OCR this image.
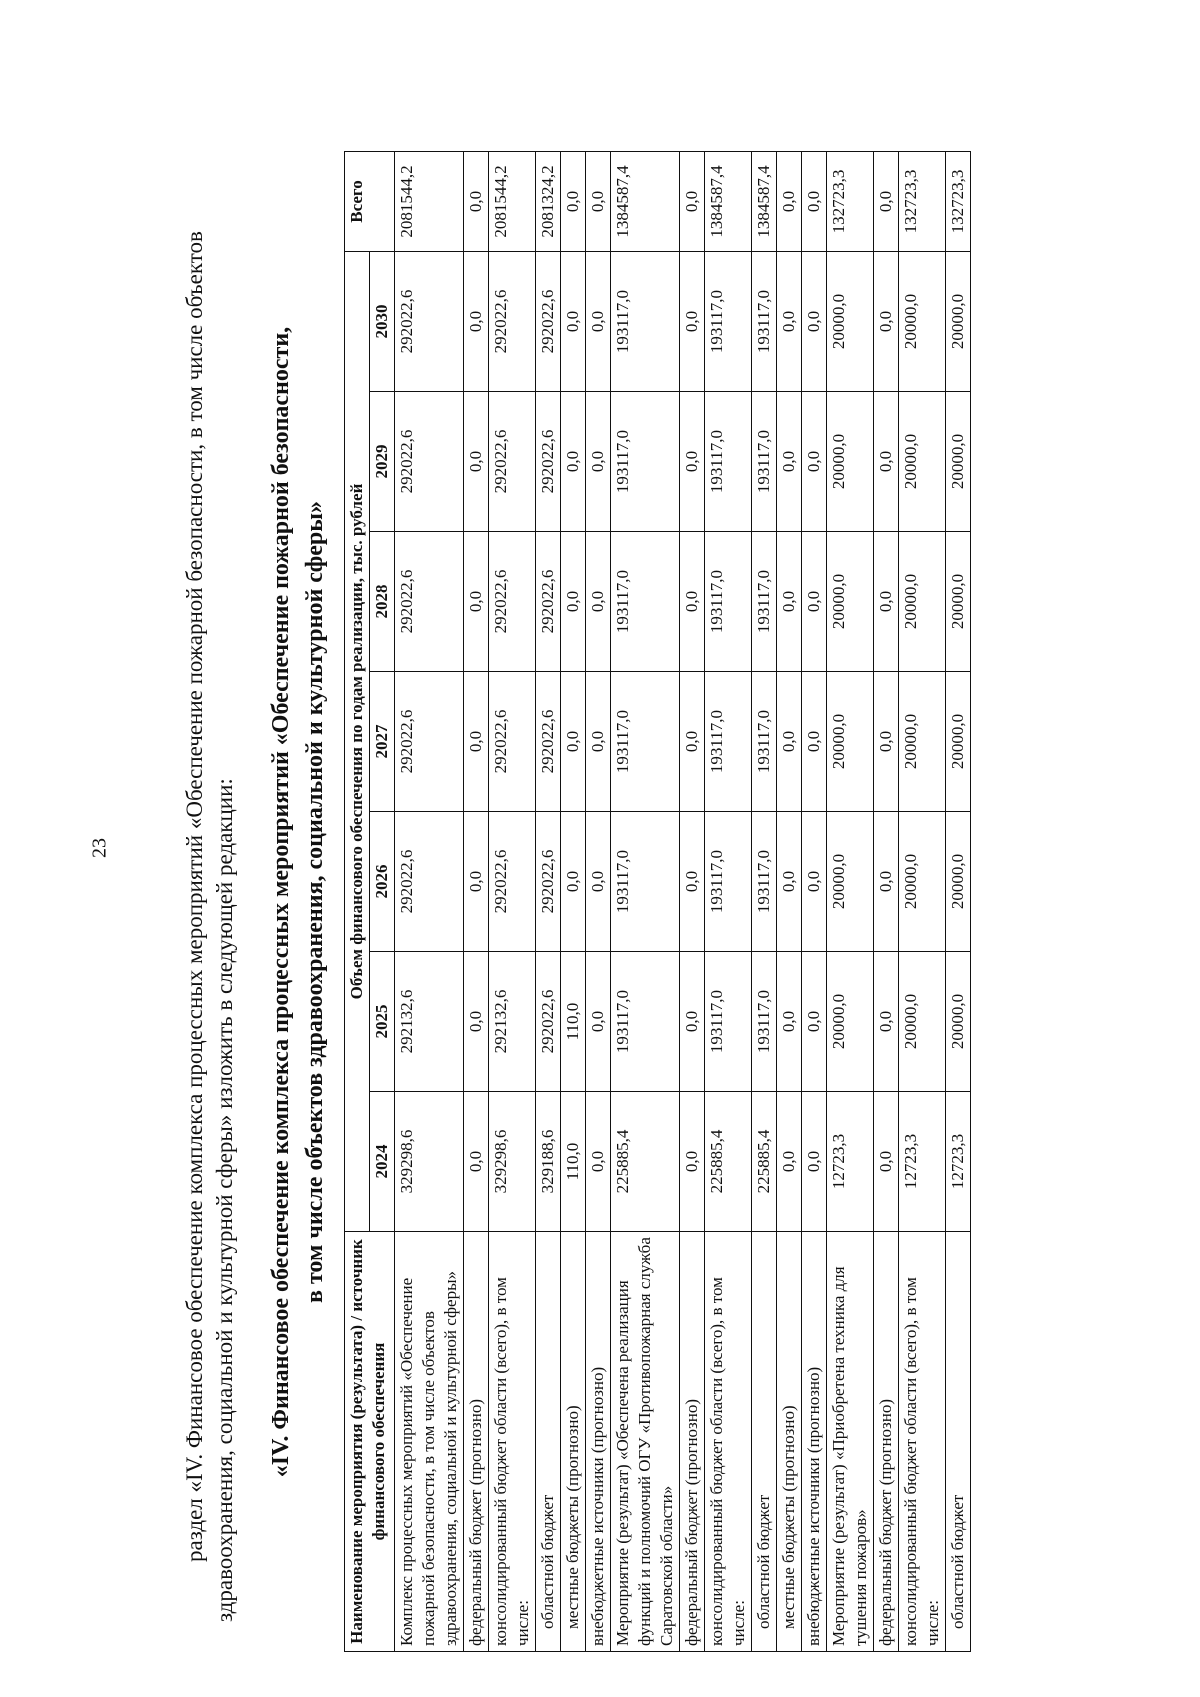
23	раздел «IV. Финансовое обеспечение комплекса процессных мероприятий «Обеспечение пожарной безопасности, в том числе объектов здравоохранения, социальной и культурной сферы» изложить в следующей редакции: «IV. Финансовое обеспечение комплекса процессных мероприятий «Обеспечение пожарной безопасности, в том числе объектов здравоохранения, социальной и культурной сферы»
Наименование мероприятия (результата) / источник финансового обеспечения	Объем финансового обеспечения по годам реализации, тыс. рублей							Всего
	2024	2025	2026	2027	2028	2029	2030	
Комплекс процессных мероприятий «Обеспечение пожарной безопасности, в том числе объектов здравоохранения, социальной и культурной сферы»	329298,6	292132,6	292022,6	292022,6	292022,6	292022,6	292022,6	2081544,2
федеральный бюджет (прогнозно)	0,0	0,0	0,0	0,0	0,0	0,0	0,0	0,0
консолидированный бюджет области (всего), в том числе:	329298,6	292132,6	292022,6	292022,6	292022,6	292022,6	292022,6	2081544,2
областной бюджет	329188,6	292022,6	292022,6	292022,6	292022,6	292022,6	292022,6	2081324,2
местные бюджеты (прогнозно)	110,0	110,0	0,0	0,0	0,0	0,0	0,0	0,0
внебюджетные источники (прогнозно)	0,0	0,0	0,0	0,0	0,0	0,0	0,0	0,0
Мероприятие (результат) «Обеспечена реализация функций и полномочий ОГУ «Противопожарная служба Саратовской области»	225885,4	193117,0	193117,0	193117,0	193117,0	193117,0	193117,0	1384587,4
федеральный бюджет (прогнозно)	0,0	0,0	0,0	0,0	0,0	0,0	0,0	0,0
консолидированный бюджет области (всего), в том числе:	225885,4	193117,0	193117,0	193117,0	193117,0	193117,0	193117,0	1384587,4
областной бюджет	225885,4	193117,0	193117,0	193117,0	193117,0	193117,0	193117,0	1384587,4
местные бюджеты (прогнозно)	0,0	0,0	0,0	0,0	0,0	0,0	0,0	0,0
внебюджетные источники (прогнозно)	0,0	0,0	0,0	0,0	0,0	0,0	0,0	0,0
Мероприятие (результат) «Приобретена техника для тушения пожаров»	12723,3	20000,0	20000,0	20000,0	20000,0	20000,0	20000,0	132723,3
федеральный бюджет (прогнозно)	0,0	0,0	0,0	0,0	0,0	0,0	0,0	0,0
консолидированный бюджет области (всего), в том числе:	12723,3	20000,0	20000,0	20000,0	20000,0	20000,0	20000,0	132723,3
областной бюджет	12723,3	20000,0	20000,0	20000,0	20000,0	20000,0	20000,0	132723,3
